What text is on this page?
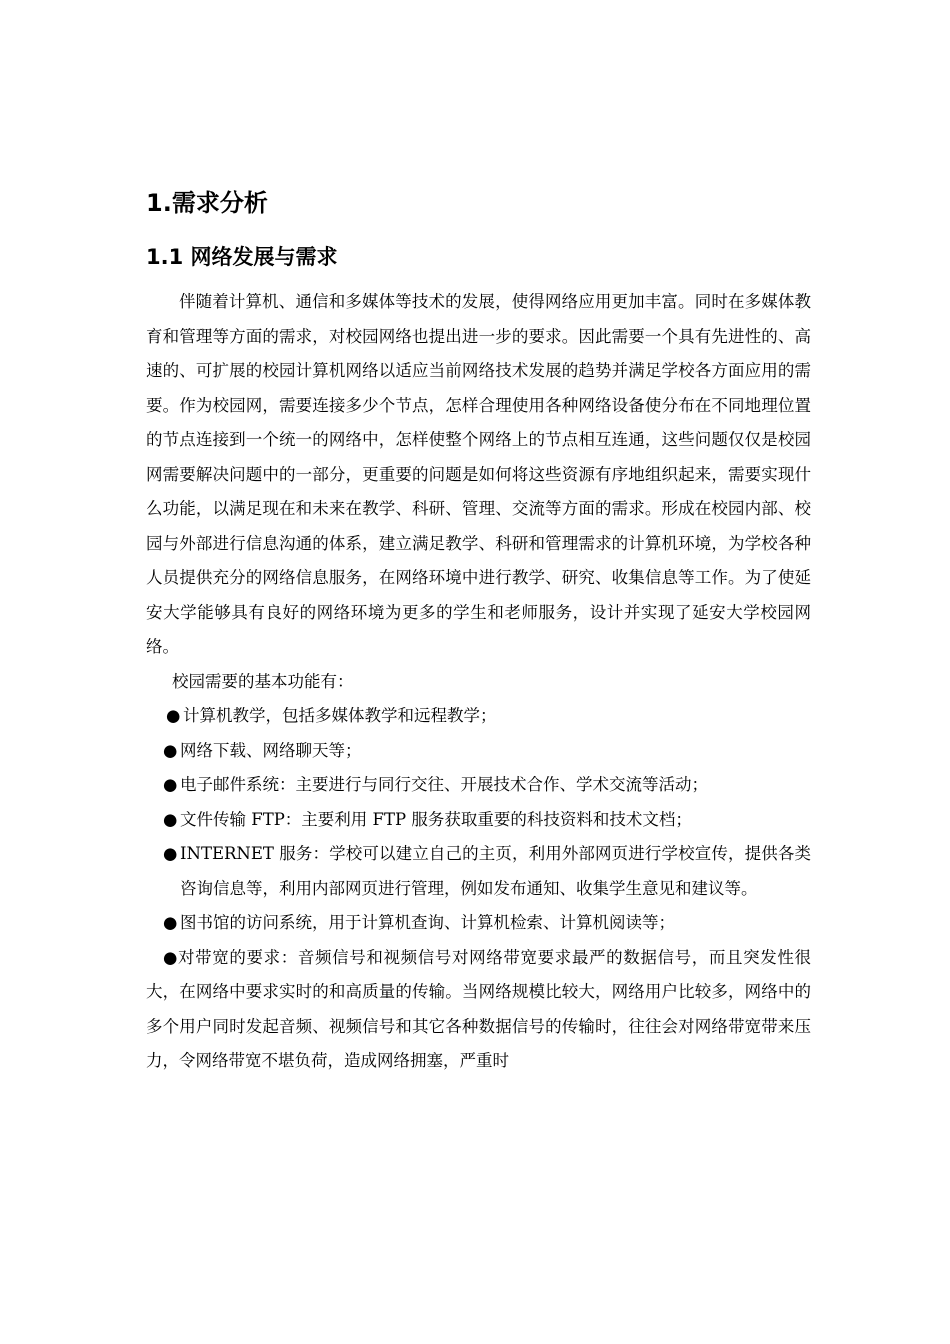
1.需求分析
1.1 网络发展与需求

伴随着计算机、通信和多媒体等技术的发展，使得网络应用更加丰富。同时在多媒体教育和管理等方面的需求，对校园网络也提出进一步的要求。因此需要一个具有先进性的、高速的、可扩展的校园计算机网络以适应当前网络技术发展的趋势并满足学校各方面应用的需要。作为校园网，需要连接多少个节点，怎样合理使用各种网络设备使分布在不同地理位置的节点连接到一个统一的网络中，怎样使整个网络上的节点相互连通，这些问题仅仅是校园网需要解决问题中的一部分，更重要的问题是如何将这些资源有序地组织起来，需要实现什么功能，以满足现在和未来在教学、科研、管理、交流等方面的需求。形成在校园内部、校园与外部进行信息沟通的体系，建立满足教学、科研和管理需求的计算机环境，为学校各种人员提供充分的网络信息服务，在网络环境中进行教学、研究、收集信息等工作。为了使延安大学能够具有良好的网络环境为更多的学生和老师服务，设计并实现了延安大学校园网络。

校园需要的基本功能有：

● 计算机教学，包括多媒体教学和远程教学；
● 网络下载、网络聊天等；
● 电子邮件系统：主要进行与同行交往、开展技术合作、学术交流等活动；
● 文件传输 FTP：主要利用 FTP 服务获取重要的科技资料和技术文档；
● INTERNET 服务：学校可以建立自己的主页，利用外部网页进行学校宣传，提供各类咨询信息等，利用内部网页进行管理，例如发布通知、收集学生意见和建议等。
● 图书馆的访问系统，用于计算机查询、计算机检索、计算机阅读等；
●对带宽的要求：音频信号和视频信号对网络带宽要求最严的数据信号，而且突发性很大，在网络中要求实时的和高质量的传输。当网络规模比较大，网络用户比较多，网络中的多个用户同时发起音频、视频信号和其它各种数据信号的传输时，往往会对网络带宽带来压力，令网络带宽不堪负荷，造成网络拥塞，严重时
